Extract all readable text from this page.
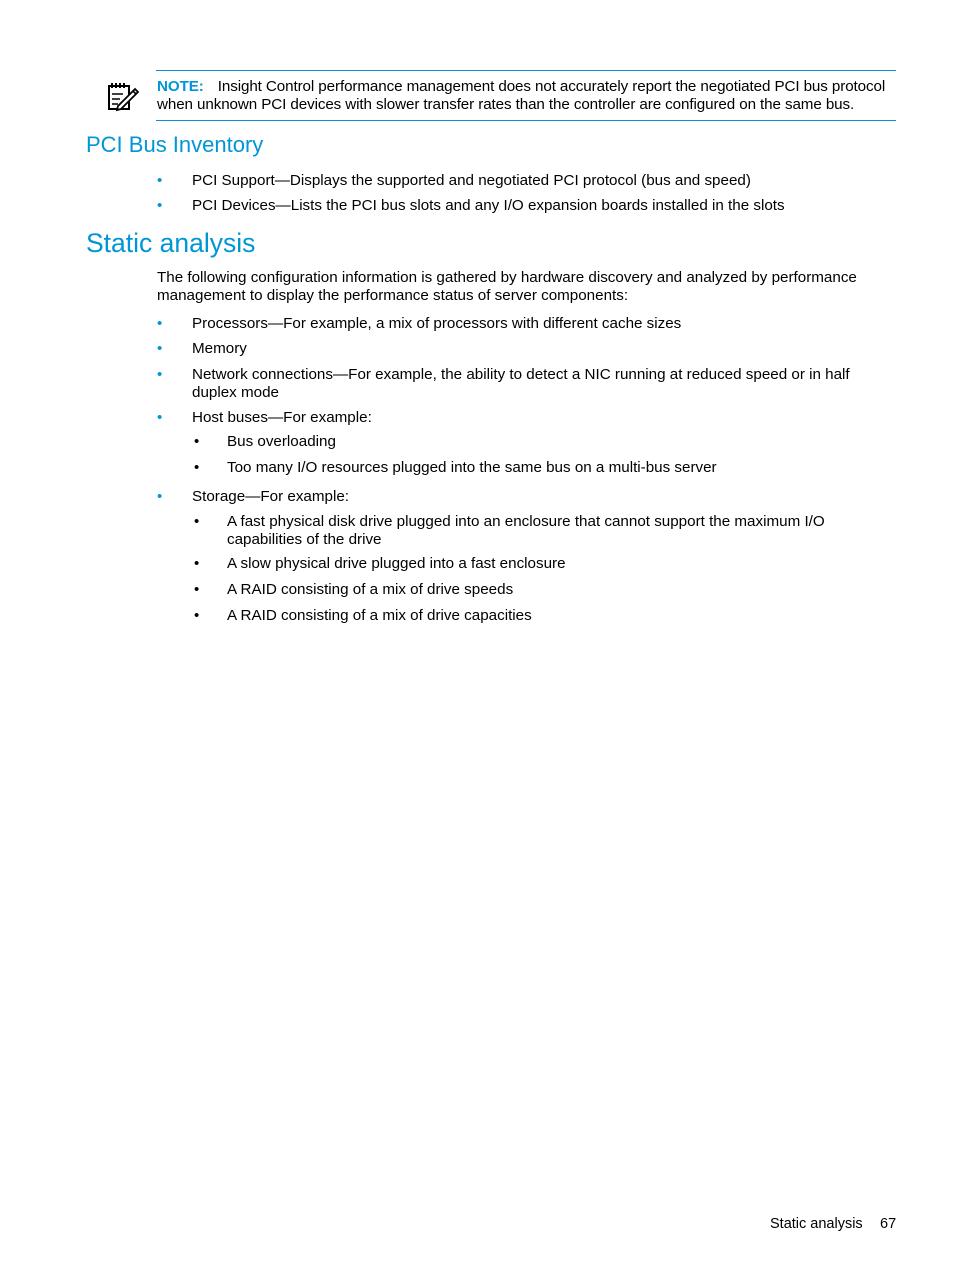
NOTE: Insight Control performance management does not accurately report the negotiated PCI bus protocol when unknown PCI devices with slower transfer rates than the controller are configured on the same bus.
PCI Bus Inventory
• PCI Support—Displays the supported and negotiated PCI protocol (bus and speed)
• PCI Devices—Lists the PCI bus slots and any I/O expansion boards installed in the slots
Static analysis
The following configuration information is gathered by hardware discovery and analyzed by performance management to display the performance status of server components:
• Processors—For example, a mix of processors with different cache sizes
• Memory
• Network connections—For example, the ability to detect a NIC running at reduced speed or in half duplex mode
• Host buses—For example:
• Bus overloading
• Too many I/O resources plugged into the same bus on a multi-bus server
• Storage—For example:
• A fast physical disk drive plugged into an enclosure that cannot support the maximum I/O capabilities of the drive
• A slow physical drive plugged into a fast enclosure
• A RAID consisting of a mix of drive speeds
• A RAID consisting of a mix of drive capacities
Static analysis 67
